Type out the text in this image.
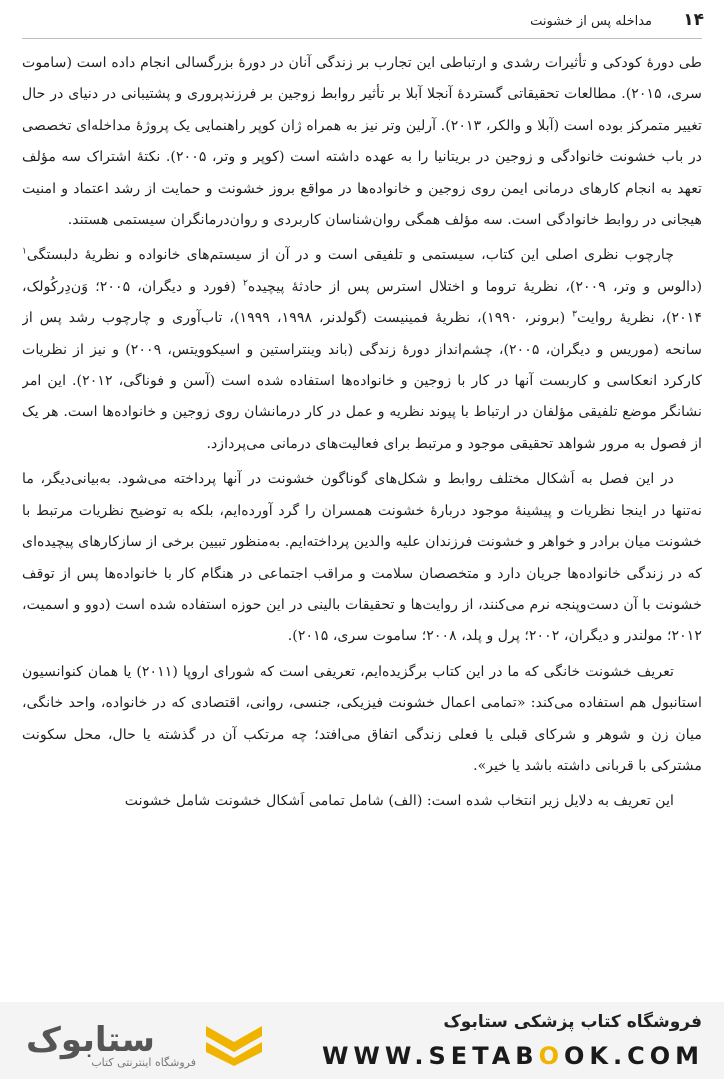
۱۴
مداخله پس از خشونت

طی دورهٔ کودکی و تأثیرات رشدی و ارتباطی این تجارب بر زندگی آنان در دورهٔ بزرگسالی انجام داده است (ساموت سری، ۲۰۱۵). مطالعات تحقیقاتی گستردهٔ آنجلا آبلا بر تأثیر روابط زوجین بر فرزندپروری و پشتیبانی در دنیای در حال تغییر متمرکز بوده است (آبلا و والکر، ۲۰۱۳). آرلین وتر نیز به همراه ژان کوپر راهنمایی یک پروژهٔ مداخله‌ای تخصصی در باب خشونت خانوادگی و زوجین در بریتانیا را به عهده داشته است (کوپر و وتر، ۲۰۰۵). نکتهٔ اشتراک سه مؤلف تعهد به انجام کارهای درمانی ایمن روی زوجین و خانواده‌ها در مواقع بروز خشونت و حمایت از رشد اعتماد و امنیت هیجانی در روابط خانوادگی است. سه مؤلف همگی روان‌شناسان کاربردی و روان‌درمانگران سیستمی هستند.

چارچوب نظری اصلی این کتاب، سیستمی و تلفیقی است و در آن از سیستم‌های خانواده و نظریهٔ دلبستگی$^۱$ (دالوس و وتر، ۲۰۰۹)، نظریهٔ تروما و اختلال استرس پس از حادثهٔ پیچیده$^۲$ (فورد و دیگران، ۲۰۰۵؛ وَن‌دِرکُولک، ۲۰۱۴)، نظریهٔ روایت$^۳$ (برونر، ۱۹۹۰)، نظریهٔ فمینیست (گولدنر، ۱۹۹۸، ۱۹۹۹)، تاب‌آوری و چارچوب رشد پس از سانحه (موریس و دیگران، ۲۰۰۵)، چشم‌انداز دورهٔ زندگی (باند وینتراستین و اسیکوویتس، ۲۰۰۹) و نیز از نظریات کارکرد انعکاسی و کاربست آنها در کار با زوجین و خانواده‌ها استفاده شده است (آسن و فوناگی، ۲۰۱۲). این امر نشانگر موضع تلفیقی مؤلفان در ارتباط با پیوند نظریه و عمل در کار درمانشان روی زوجین و خانواده‌ها است. هر یک از فصول به مرور شواهد تحقیقی موجود و مرتبط برای فعالیت‌های درمانی می‌پردازد.

در این فصل به اَشکال مختلف روابط و شکل‌های گوناگون خشونت در آنها پرداخته می‌شود. به‌بیانی‌دیگر، ما نه‌تنها در اینجا نظریات و پیشینهٔ موجود دربارهٔ خشونت همسران را گرد آورده‌ایم، بلکه به توضیح نظریات مرتبط با خشونت میان برادر و خواهر و خشونت فرزندان علیه والدین پرداخته‌ایم. به‌منظور تبیین برخی از سازکارهای پیچیده‌ای که در زندگی خانواده‌ها جریان دارد و متخصصان سلامت و مراقب اجتماعی در هنگام کار با خانواده‌ها پس از توقف خشونت با آن دست‌وپنجه نرم می‌کنند، از روایت‌ها و تحقیقات بالینی در این حوزه استفاده شده است (دوو و اسمیت، ۲۰۱۲؛ مولندر و دیگران، ۲۰۰۲؛ پرل و پلد، ۲۰۰۸؛ ساموت سری، ۲۰۱۵).

تعریف خشونت خانگی که ما در این کتاب برگزیده‌ایم، تعریفی است که شورای اروپا (۲۰۱۱) یا همان کنوانسیون استانبول هم استفاده می‌کند: «تمامی اعمال خشونت فیزیکی، جنسی، روانی، اقتصادی که در خانواده، واحد خانگی، میان زن و شوهر و شرکای قبلی یا فعلی زندگی اتفاق می‌افتد؛ چه مرتکب آن در گذشته یا حال، محل سکونت مشترکی با قربانی داشته باشد یا خیر».

این تعریف به دلایل زیر انتخاب شده است: (الف) شامل تمامی اَشکال خشونت شامل خشونت

ستابوک
فروشگاه اینترنتی کتاب
فروشگاه کتاب پزشکی ستابوک
WWW.SETABOOK.COM
